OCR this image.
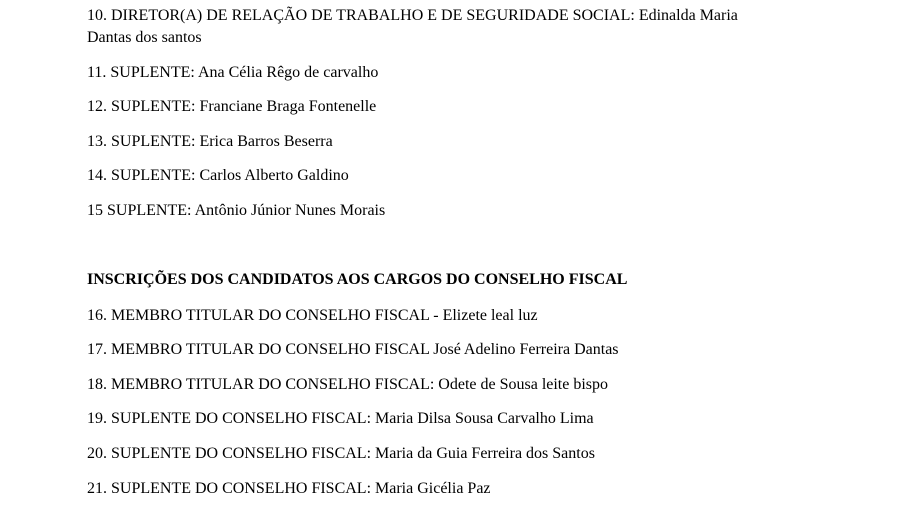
10. DIRETOR(A) DE RELAÇÃO DE TRABALHO E DE SEGURIDADE SOCIAL: Edinalda Maria
Dantas dos santos
11. SUPLENTE: Ana Célia Rêgo de carvalho
12. SUPLENTE: Franciane Braga Fontenelle
13. SUPLENTE: Erica Barros Beserra
14. SUPLENTE: Carlos Alberto Galdino
15 SUPLENTE: Antônio Júnior Nunes Morais
INSCRIÇÕES DOS CANDIDATOS AOS CARGOS DO CONSELHO FISCAL
16. MEMBRO TITULAR DO CONSELHO FISCAL - Elizete leal luz
17. MEMBRO TITULAR DO CONSELHO FISCAL José Adelino Ferreira Dantas
18. MEMBRO TITULAR DO CONSELHO FISCAL: Odete de Sousa leite bispo
19. SUPLENTE DO CONSELHO FISCAL: Maria Dilsa Sousa Carvalho Lima
20. SUPLENTE DO CONSELHO FISCAL: Maria da Guia Ferreira dos Santos
21. SUPLENTE DO CONSELHO FISCAL: Maria Gicélia Paz
